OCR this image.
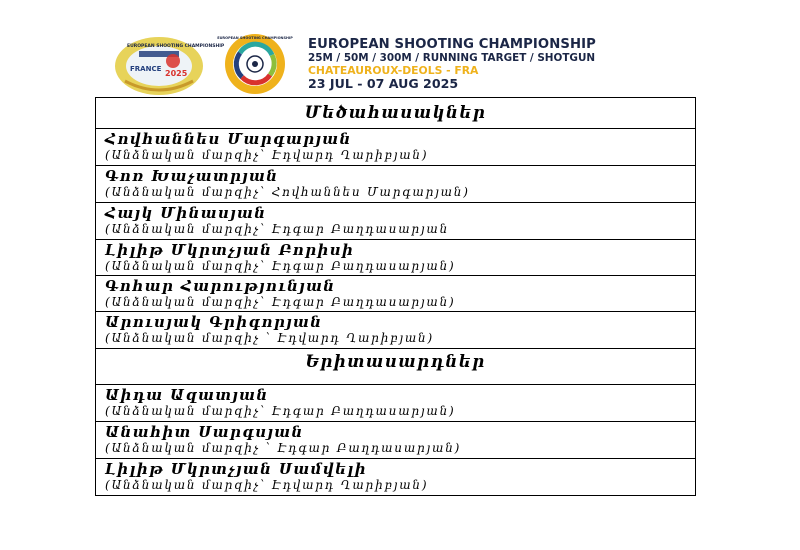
EUROPEAN SHOOTING CHAMPIONSHIP
FRANCE 2025
EUROPEAN SHOOTING CHAMPIONSHIP EUROPEAN SHOOTING CHAMPIONSHIP
25M / 50M / 300M / RUNNING TARGET / SHOTGUN
CHATEAUROUX-DEOLS - FRA
23 JUL - 07 AUG 2025
Մեծահասակներ
Հովհաննես Մարգարյան
(Անձնական մարզիչ՝ Էդվարդ Ղարիբյան)
Գոռ Խաչատրյան
(Անձնական մարզիչ՝ Հովհաննես Մարգարյան)
Հայկ Մինասյան
(Անձնական մարզիչ՝ Էդգար Բաղդասարյան
Լիլիթ Մկրտչյան Բորիսի
(Անձնական մարզիչ՝ Էդգար Բաղդասարյան)
Գոհար Հարությունյան
(Անձնական մարզիչ՝ Էդգար Բաղդասարյան)
Արուսյակ Գրիգորյան
(Անձնական մարզիչ ՝ Էդվարդ Ղարիբյան)
Երիտասարդներ
Աիդա Ազատյան
(Անձնական մարզիչ՝ Էդգար Բաղդասարյան)
Անահիտ Սարգսյան
(Անձնական մարզիչ ՝ Էդգար Բաղդասարյան)
Լիլիթ Մկրտչյան Սամվելի
(Անձնական մարզիչ՝ Էդվարդ Ղարիբյան)
